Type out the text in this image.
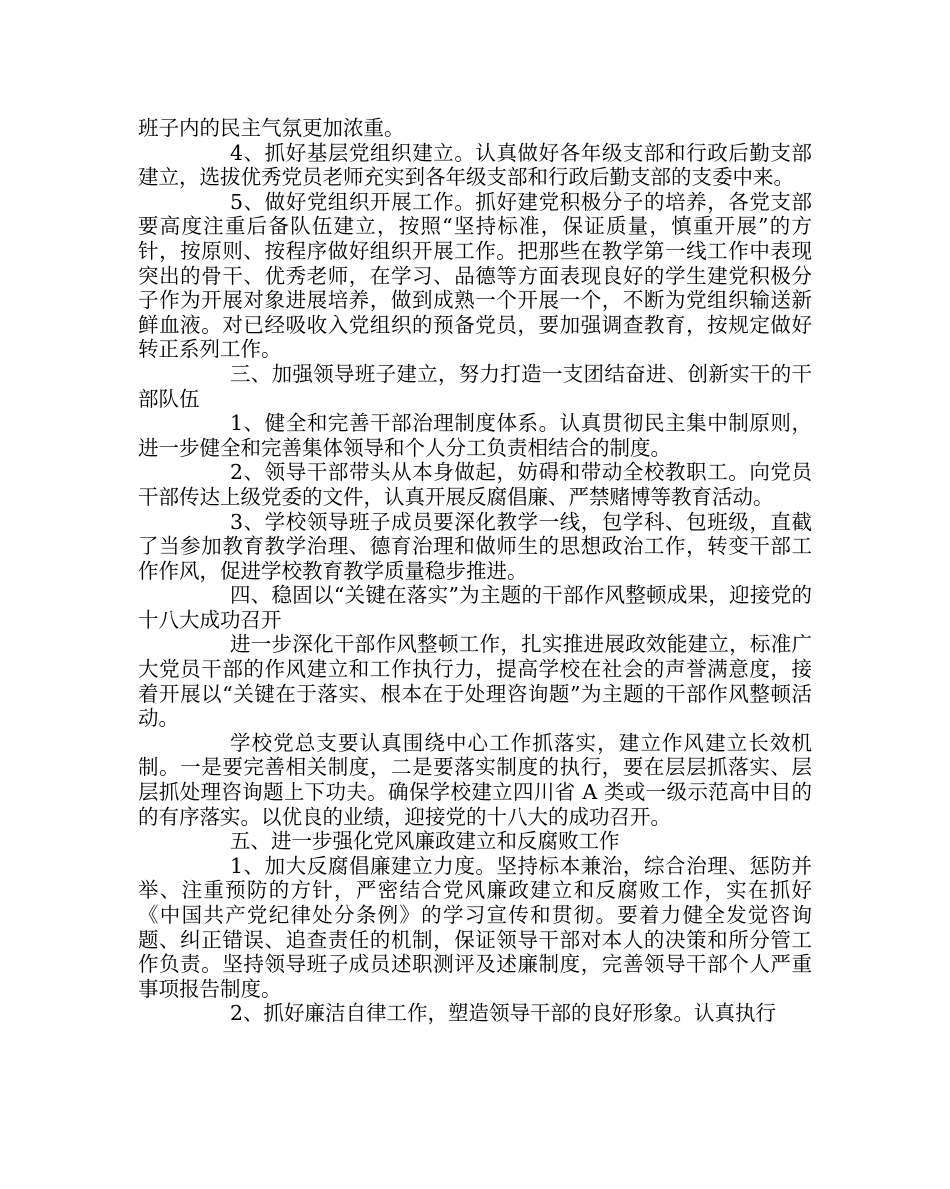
班子内的民主气氛更加浓重。

4、抓好基层党组织建立。认真做好各年级支部和行政后勤支部建立，选拔优秀党员老师充实到各年级支部和行政后勤支部的支委中来。

5、做好党组织开展工作。抓好建党积极分子的培养，各党支部要高度注重后备队伍建立，按照“坚持标准，保证质量，慎重开展”的方针，按原则、按程序做好组织开展工作。把那些在教学第一线工作中表现突出的骨干、优秀老师，在学习、品德等方面表现良好的学生建党积极分子作为开展对象进展培养，做到成熟一个开展一个，不断为党组织输送新鲜血液。对已经吸收入党组织的预备党员，要加强调查教育，按规定做好转正系列工作。

三、加强领导班子建立，努力打造一支团结奋进、创新实干的干部队伍

1、健全和完善干部治理制度体系。认真贯彻民主集中制原则，进一步健全和完善集体领导和个人分工负责相结合的制度。

2、领导干部带头从本身做起，妨碍和带动全校教职工。向党员干部传达上级党委的文件，认真开展反腐倡廉、严禁赌博等教育活动。

3、学校领导班子成员要深化教学一线，包学科、包班级，直截了当参加教育教学治理、德育治理和做师生的思想政治工作，转变干部工作作风，促进学校教育教学质量稳步推进。

四、稳固以“关键在落实”为主题的干部作风整顿成果，迎接党的十八大成功召开

进一步深化干部作风整顿工作，扎实推进展政效能建立，标准广大党员干部的作风建立和工作执行力，提高学校在社会的声誉满意度，接着开展以“关键在于落实、根本在于处理咨询题”为主题的干部作风整顿活动。

学校党总支要认真围绕中心工作抓落实，建立作风建立长效机制。一是要完善相关制度，二是要落实制度的执行，要在层层抓落实、层层抓处理咨询题上下功夫。确保学校建立四川省 A 类或一级示范高中目的的有序落实。以优良的业绩，迎接党的十八大的成功召开。

五、进一步强化党风廉政建立和反腐败工作

1、加大反腐倡廉建立力度。坚持标本兼治，综合治理、惩防并举、注重预防的方针，严密结合党风廉政建立和反腐败工作，实在抓好《中国共产党纪律处分条例》的学习宣传和贯彻。要着力健全发觉咨询题、纠正错误、追查责任的机制，保证领导干部对本人的决策和所分管工作负责。坚持领导班子成员述职测评及述廉制度，完善领导干部个人严重事项报告制度。

2、抓好廉洁自律工作，塑造领导干部的良好形象。认真执行
